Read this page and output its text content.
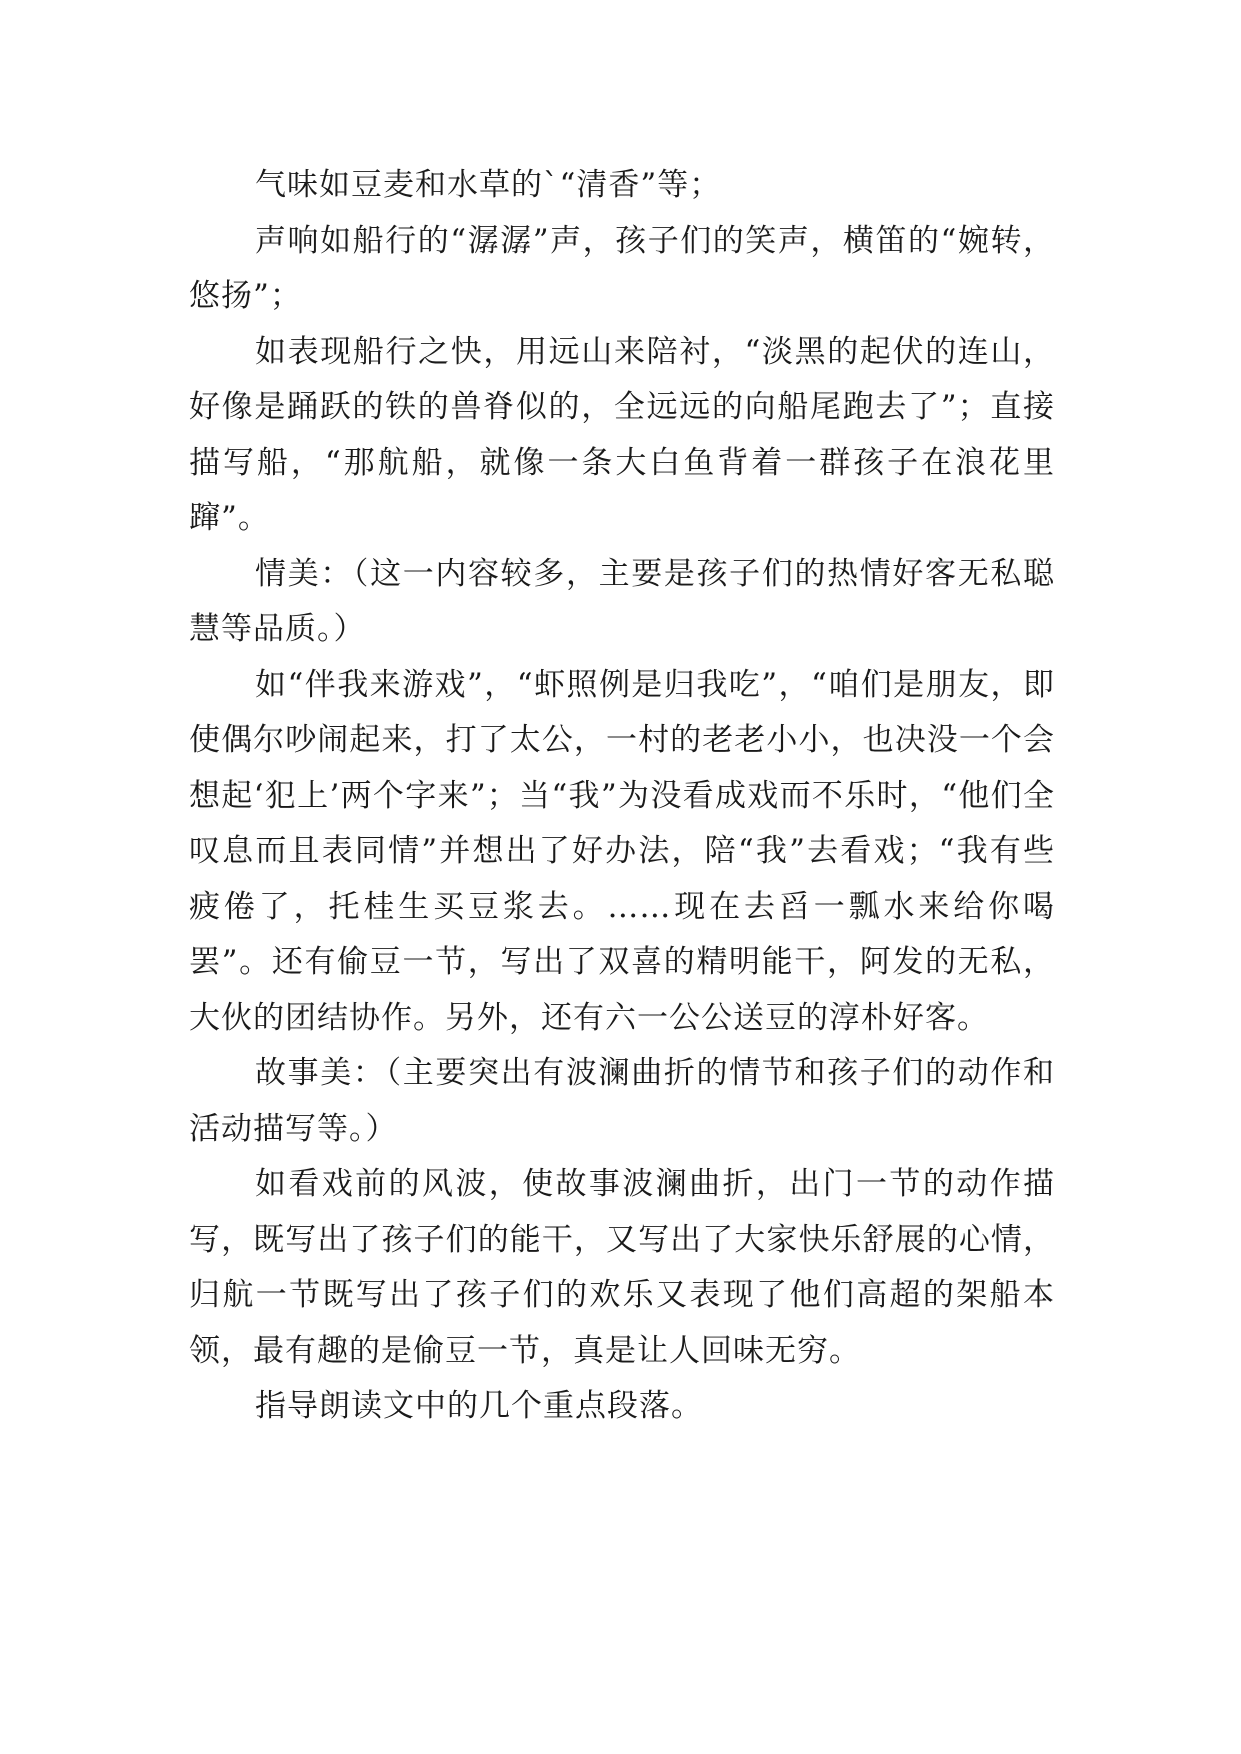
气味如豆麦和水草的`“清香”等；

声响如船行的“潺潺”声，孩子们的笑声，横笛的“婉转，悠扬”；

如表现船行之快，用远山来陪衬，“淡黑的起伏的连山，好像是踊跃的铁的兽脊似的，全远远的向船尾跑去了”；直接描写船，“那航船，就像一条大白鱼背着一群孩子在浪花里蹿”。

情美：（这一内容较多，主要是孩子们的热情好客无私聪慧等品质。）

如“伴我来游戏”，“虾照例是归我吃”，“咱们是朋友，即使偶尔吵闹起来，打了太公，一村的老老小小，也决没一个会想起‘犯上’两个字来”；当“我”为没看成戏而不乐时，“他们全叹息而且表同情”并想出了好办法，陪“我”去看戏；“我有些疲倦了，托桂生买豆浆去。……现在去舀一瓢水来给你喝罢”。还有偷豆一节，写出了双喜的精明能干，阿发的无私，大伙的团结协作。另外，还有六一公公送豆的淳朴好客。

故事美：（主要突出有波澜曲折的情节和孩子们的动作和活动描写等。）

如看戏前的风波，使故事波澜曲折，出门一节的动作描写，既写出了孩子们的能干，又写出了大家快乐舒展的心情，归航一节既写出了孩子们的欢乐又表现了他们高超的架船本领，最有趣的是偷豆一节，真是让人回味无穷。

指导朗读文中的几个重点段落。
